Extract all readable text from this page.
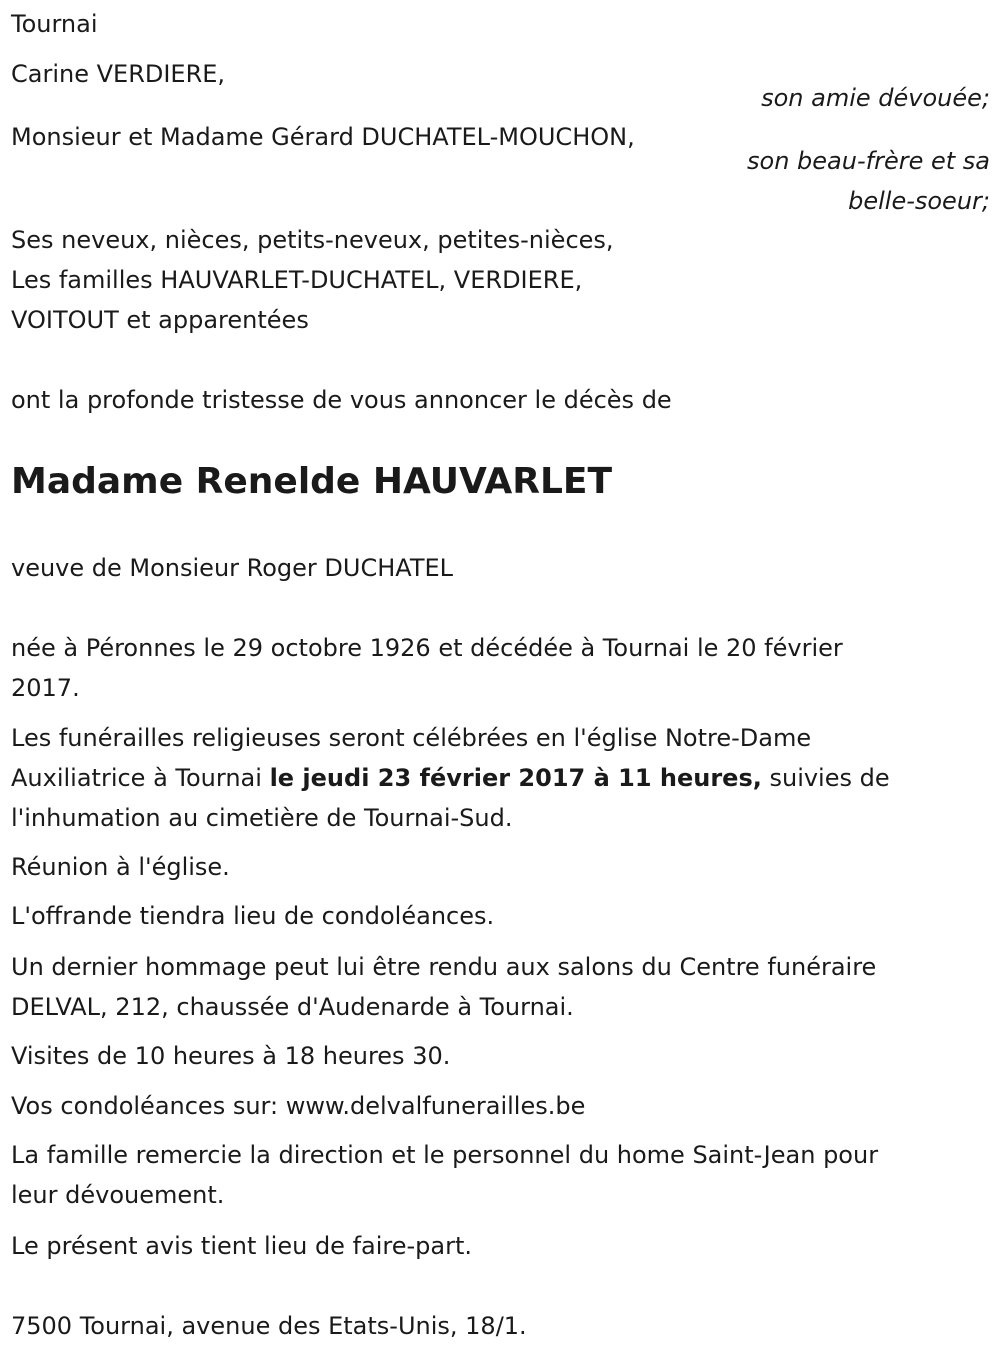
Tournai
Carine VERDIERE,
son amie dévouée;
Monsieur et Madame Gérard DUCHATEL-MOUCHON,
son beau-frère et sa
belle-soeur;
Ses neveux, nièces, petits-neveux, petites-nièces,
Les familles HAUVARLET-DUCHATEL, VERDIERE,
VOITOUT et apparentées
ont la profonde tristesse de vous annoncer le décès de
Madame Renelde HAUVARLET
veuve de Monsieur Roger DUCHATEL
née à Péronnes le 29 octobre 1926 et décédée à Tournai le 20 février
2017.
Les funérailles religieuses seront célébrées en l'église Notre-Dame
Auxiliatrice à Tournai le jeudi 23 février 2017 à 11 heures, suivies de
l'inhumation au cimetière de Tournai-Sud.
Réunion à l'église.
L'offrande tiendra lieu de condoléances.
Un dernier hommage peut lui être rendu aux salons du Centre funéraire
DELVAL, 212, chaussée d'Audenarde à Tournai.
Visites de 10 heures à 18 heures 30.
Vos condoléances sur: www.delvalfunerailles.be
La famille remercie la direction et le personnel du home Saint-Jean pour
leur dévouement.
Le présent avis tient lieu de faire-part.
7500 Tournai, avenue des Etats-Unis, 18/1.
